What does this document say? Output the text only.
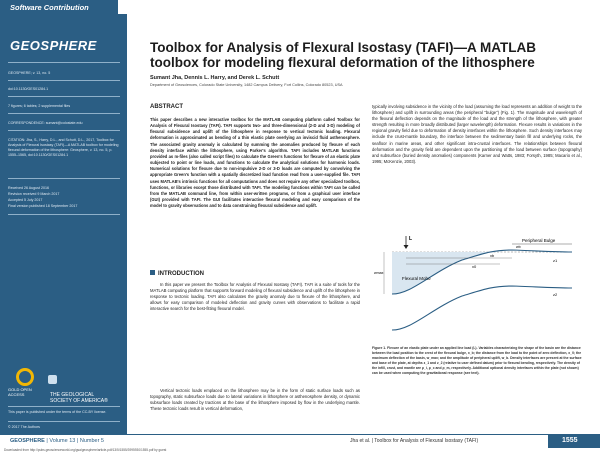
Software Contribution
GEOSPHERE
GEOSPHERE; v. 13, no. 5
doi:10.1130/GES01284.1
7 figures; 6 tables; 2 supplemental files
CORRESPONDENCE: sumant@colostate.edu
CITATION: Jha, S., Harry, D.L., and Schutt, D.L., 2017, Toolbox for Analysis of Flexural Isostasy (TAFI)—A MATLAB toolbox for modeling flexural deformation of the lithosphere: Geosphere, v. 13, no. 5, p. 1555–1565, doi:10.1130/GES01284.1
Received 26 August 2016
Revision received 9 March 2017
Accepted 5 July 2017
Final version published 18 September 2017
GOLD OPEN ACCESS	THE GEOLOGICAL SOCIETY OF AMERICA®
This paper is published under the terms of the CC-BY license.
© 2017 The Authors
Toolbox for Analysis of Flexural Isostasy (TAFI)—A MATLAB toolbox for modeling flexural deformation of the lithosphere
Sumant Jha, Dennis L. Harry, and Derek L. Schutt
Department of Geosciences, Colorado State University, 1482 Campus Delivery, Fort Collins, Colorado 80523, USA
ABSTRACT
This paper describes a new interactive toolbox for the MATLAB computing platform called Toolbox for Analysis of Flexural Isostasy (TAFI). TAFI supports two- and three-dimensional (2-D and 3-D) modeling of flexural subsidence and uplift of the lithosphere in response to vertical tectonic loading. Flexural deformation is approximated as bending of a thin elastic plate overlying an inviscid fluid asthenosphere. The associated gravity anomaly is calculated by summing the anomalies produced by flexure of each density interface within the lithosphere, using Parker's algorithm. TAFI includes MATLAB functions provided as m-files (also called script files) to calculate the Green's functions for flexure of an elastic plate subjected to point or line loads, and functions to calculate the analytical solutions for harmonic loads. Numerical solutions for flexure due to non-impulsive 2-D or 3-D loads are computed by convolving the appropriate Green's function with a spatially discretized load function read from a user-supplied file. TAFI uses MATLAB's intrinsic functions for all computations and does not require any other specialized toolbox, functions, or libraries except those distributed with TAFI. The modeling functions within TAFI can be called from the MATLAB command line, from within user-written programs, or from a graphical user interface (GUI) provided with TAFI. The GUI facilitates interactive flexural modeling and easy comparison of the model to gravity observations and to data constraining flexural subsidence and uplift.
INTRODUCTION
In this paper we present the Toolbox for Analysis of Flexural Isostasy (TAFI). TAFI is a suite of tools for the MATLAB computing platform that supports forward modeling of flexural subsidence and uplift of the lithosphere in response to tectonic loading. TAFI also calculates the gravity anomaly due to flexure of the lithosphere, and allows for easy comparison of modeled deflection and gravity curves with observations to facilitate a rapid interactive search for the best-fitting flexural model.
Vertical tectonic loads emplaced on the lithosphere may be in the form of static surface loads such as topography, static subsurface loads due to lateral variations in lithosphere or asthenosphere density, or dynamic subsurface loads created by tractions at the base of the lithosphere imposed by flow in the underlying mantle. These tectonic loads result in vertical deformation,
typically involving subsidence in the vicinity of the load (assuming the load represents an addition of weight to the lithosphere) and uplift in surrounding areas (the peripheral "bulge") (Fig. 1). The magnitude and wavelength of the flexural deflection depends on the magnitude of the load and the strength of the lithosphere, with greater strength resulting in more broadly distributed (larger wavelength) deformation. Flexure results in variations in the regional gravity field due to deformation of density interfaces within the lithosphere. Such density interfaces may include the crust-mantle boundary, the interface between the sedimentary basin fill and underlying rocks, the seafloor in marine areas, and other significant intra-crustal interfaces. The relationships between flexural deformation and the gravity field are dependent upon the partitioning of the load between surface (topography) and subsurface (buried density anomalies) components (Karner and Watts, 1983; Forsyth, 1985; Macario et al., 1995; McKenzie, 2003).
L	Peripheral Bulge
Flexural Moho
xb
x0
z1
z2
wmax
wb
Figure 1. Flexure of an elastic plate under an applied line load (L). Variables characterizing the shape of the basin are the distance between the load position to the crest of the flexural bulge, x_b; the distance from the load to the point of zero deflection, x_0; the maximum deflection of the basin, w_max; and the amplitude of peripheral uplift, w_b. Density interfaces are present at the surface and base of the plate, at depths z_1 and z_2 (relative to user defined datum) prior to flexural bending, respectively. The density of the infill, crust, and mantle are ρ_i, ρ_c and ρ_m, respectively. Additional optional density interfaces within the plate (not shown) can be used when computing the gravitational response (see text).
GEOSPHERE | Volume 13 | Number 5	Jha et al. | Toolbox for Analysis of Flexural Isostasy (TAFI)	1555
Downloaded from http://pubs.geoscienceworld.org/gsa/geosphere/article-pdf/13/5/1555/3995930/1555.pdf by guest
